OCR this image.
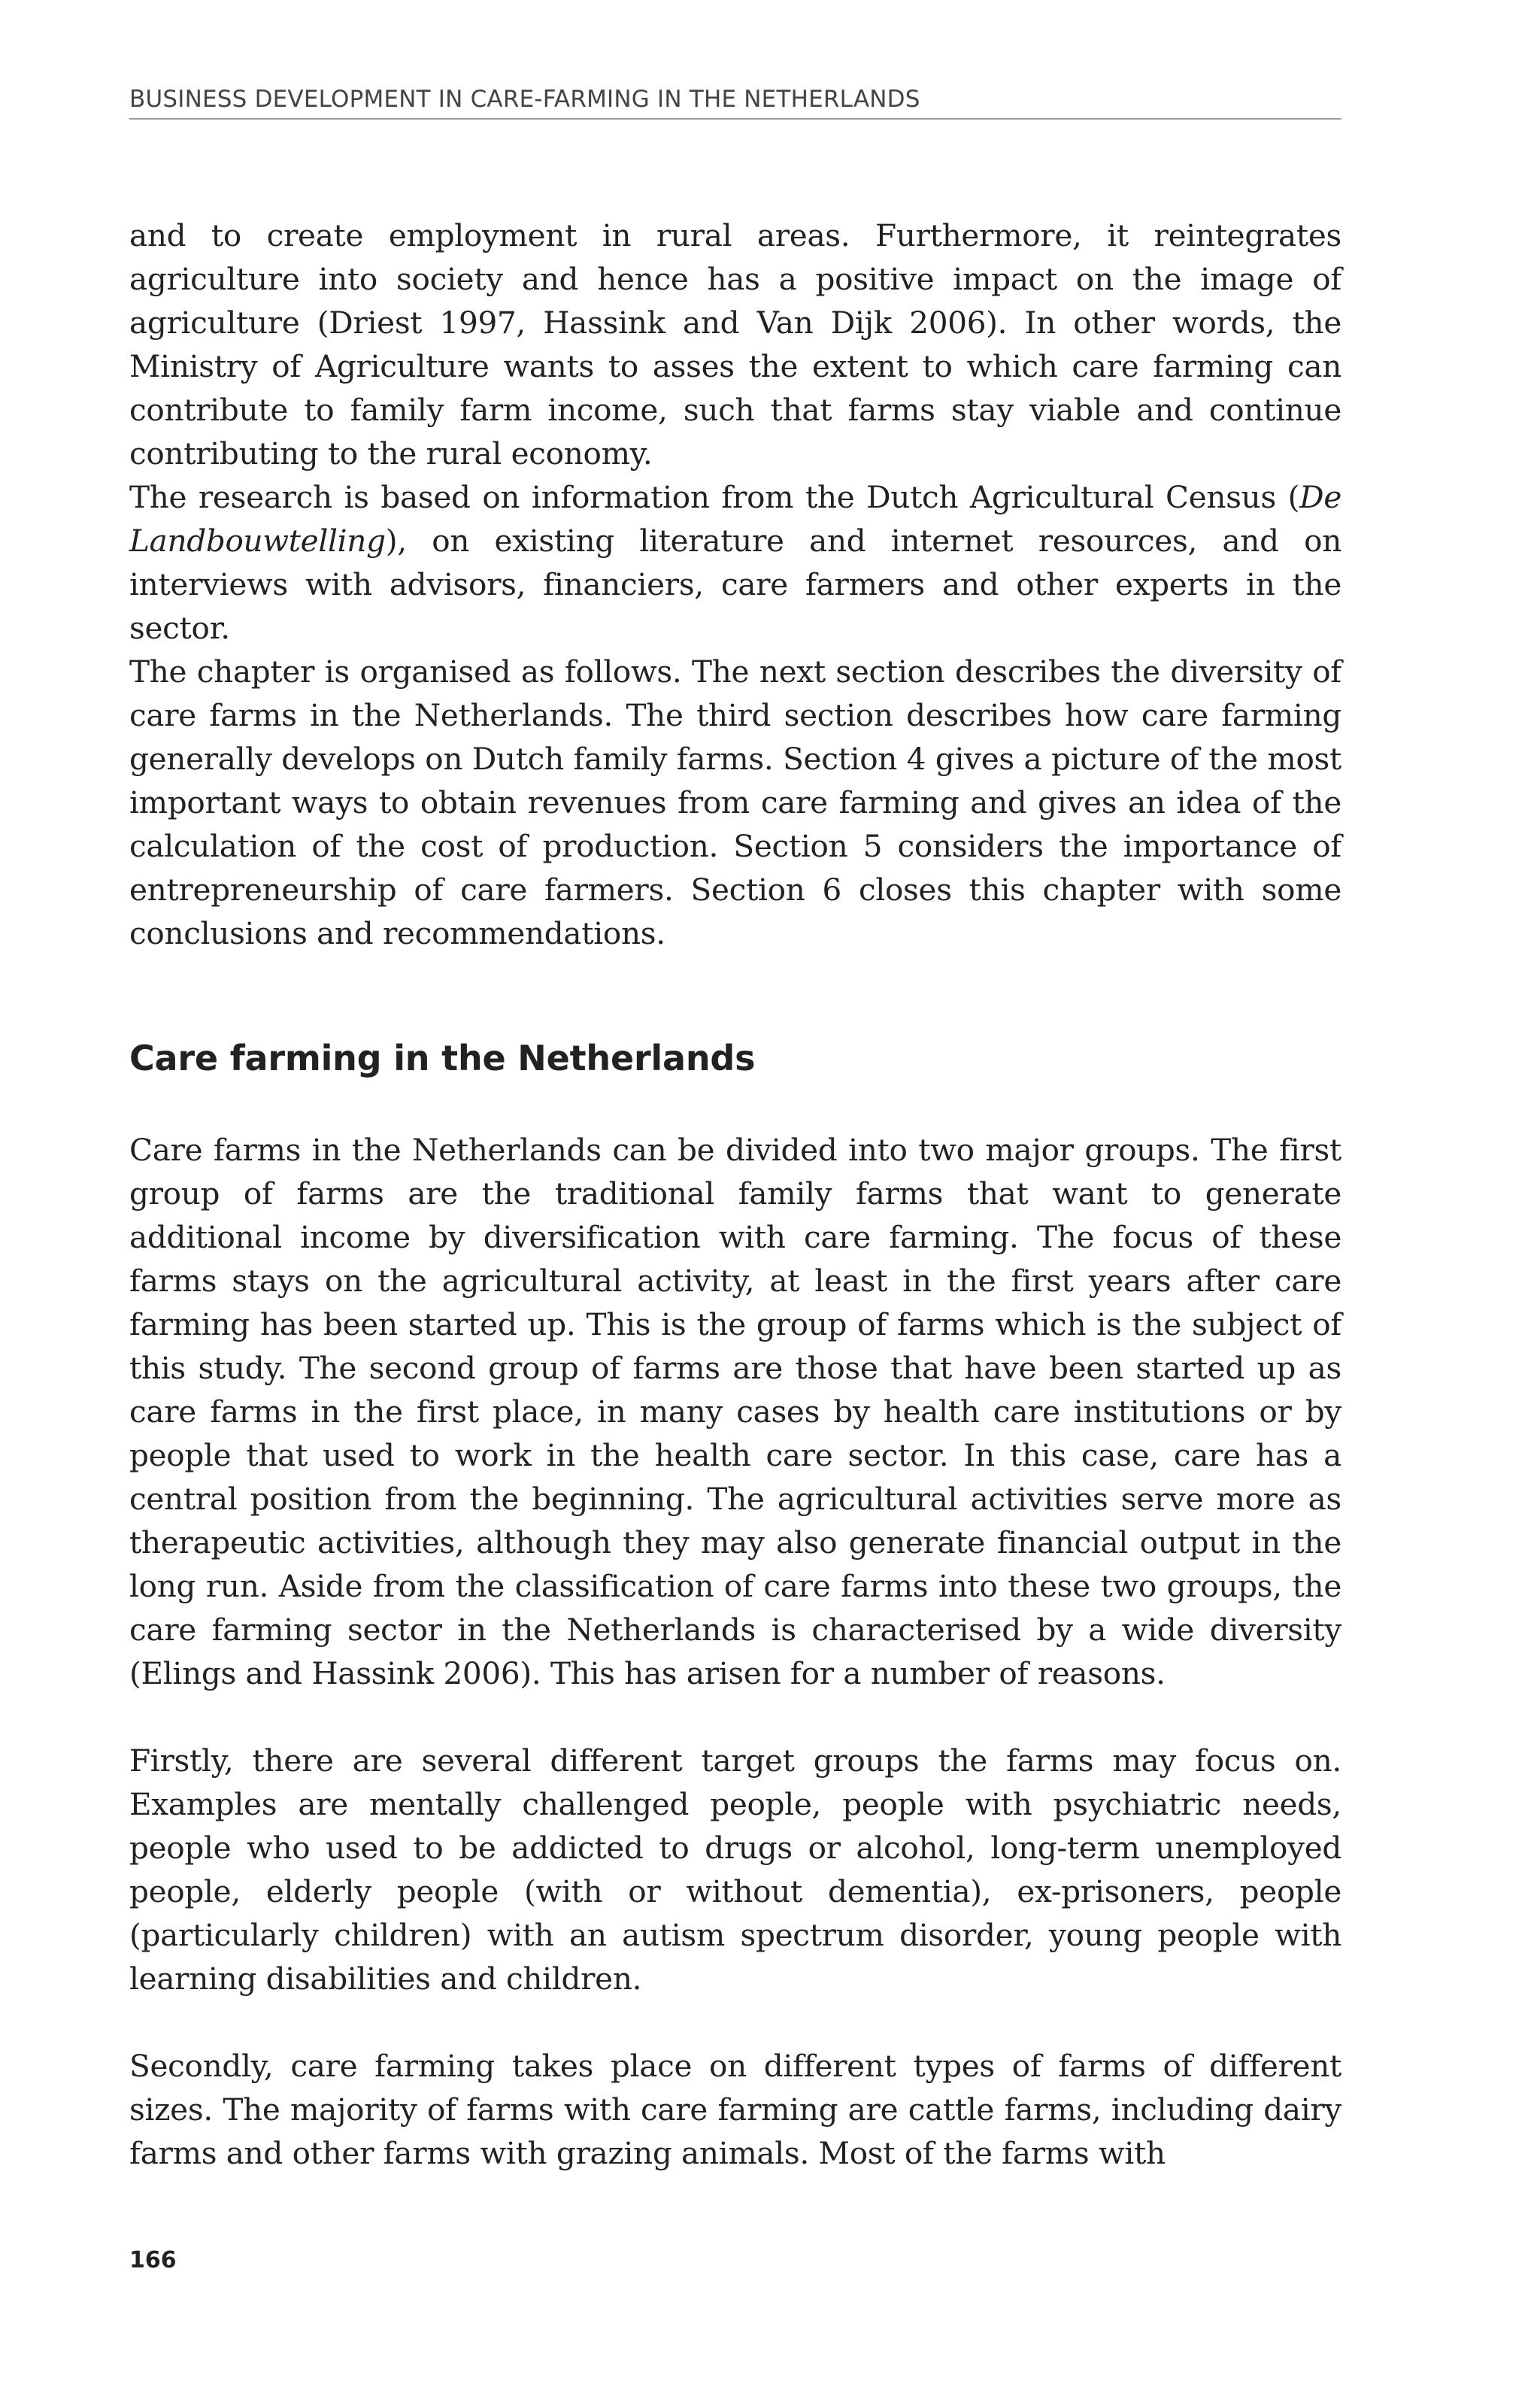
BUSINESS DEVELOPMENT IN CARE-FARMING IN THE NETHERLANDS

and to create employment in rural areas. Furthermore, it reintegrates agriculture into society and hence has a positive impact on the image of agriculture (Driest 1997, Hassink and Van Dijk 2006). In other words, the Ministry of Agriculture wants to asses the extent to which care farming can contribute to family farm income, such that farms stay viable and continue contributing to the rural economy.

The research is based on information from the Dutch Agricultural Census (De Landbouwtelling), on existing literature and internet resources, and on interviews with advisors, financiers, care farmers and other experts in the sector.

The chapter is organised as follows. The next section describes the diversity of care farms in the Netherlands. The third section describes how care farming generally develops on Dutch family farms. Section 4 gives a picture of the most important ways to obtain revenues from care farming and gives an idea of the calculation of the cost of production. Section 5 considers the importance of entrepreneurship of care farmers. Section 6 closes this chapter with some conclusions and recommendations.

Care farming in the Netherlands

Care farms in the Netherlands can be divided into two major groups. The first group of farms are the traditional family farms that want to generate additional income by diversification with care farming. The focus of these farms stays on the agricultural activity, at least in the first years after care farming has been started up. This is the group of farms which is the subject of this study. The second group of farms are those that have been started up as care farms in the first place, in many cases by health care institutions or by people that used to work in the health care sector. In this case, care has a central position from the beginning. The agricultural activities serve more as therapeutic activities, although they may also generate financial output in the long run. Aside from the classification of care farms into these two groups, the care farming sector in the Netherlands is characterised by a wide diversity (Elings and Hassink 2006). This has arisen for a number of reasons.

Firstly, there are several different target groups the farms may focus on. Examples are mentally challenged people, people with psychiatric needs, people who used to be addicted to drugs or alcohol, long-term unemployed people, elderly people (with or without dementia), ex-prisoners, people (particularly children) with an autism spectrum disorder, young people with learning disabilities and children.

Secondly, care farming takes place on different types of farms of different sizes. The majority of farms with care farming are cattle farms, including dairy farms and other farms with grazing animals. Most of the farms with

166
